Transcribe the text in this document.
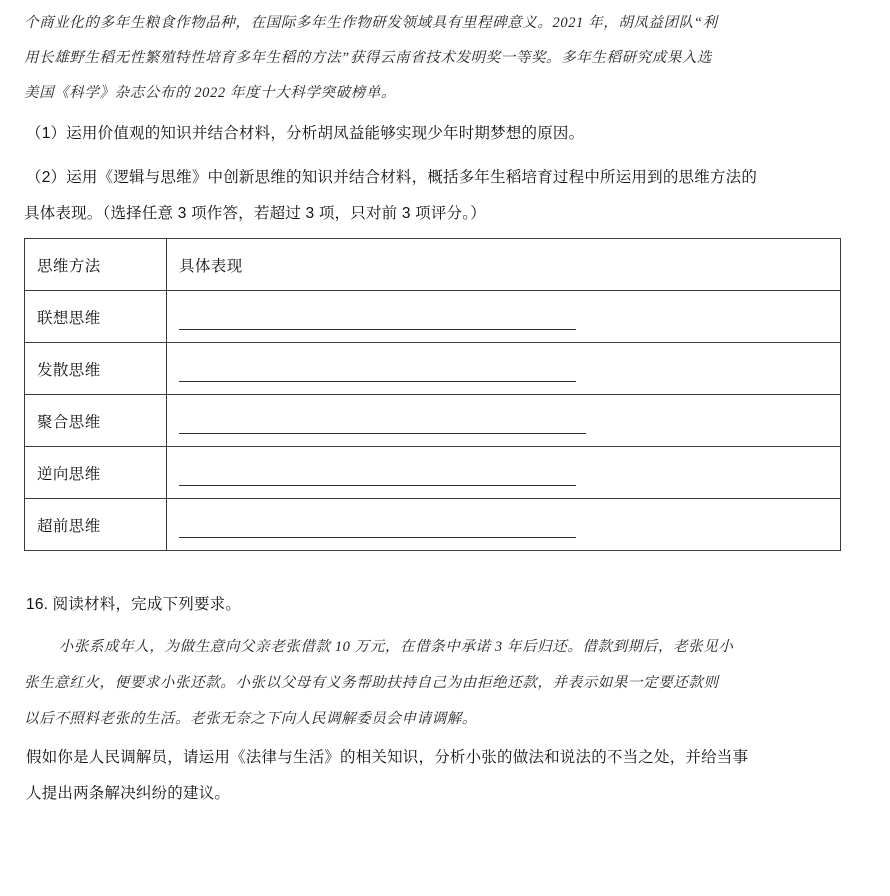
个商业化的多年生粮食作物品种，在国际多年生作物研发领域具有里程碑意义。2021 年，胡凤益团队“利
用长雄野生稻无性繁殖特性培育多年生稻的方法”获得云南省技术发明奖一等奖。多年生稻研究成果入选
美国《科学》杂志公布的 2022 年度十大科学突破榜单。
（1）运用价值观的知识并结合材料，分析胡凤益能够实现少年时期梦想的原因。
（2）运用《逻辑与思维》中创新思维的知识并结合材料，概括多年生稻培育过程中所运用到的思维方法的
具体表现。（选择任意 3 项作答，若超过 3 项，只对前 3 项评分。）
思维方法	具体表现
联想思维	

发散思维	

聚合思维	

逆向思维	

超前思维	
16. 阅读材料，完成下列要求。
小张系成年人，为做生意向父亲老张借款 10 万元，在借条中承诺 3 年后归还。借款到期后，老张见小
张生意红火，便要求小张还款。小张以父母有义务帮助扶持自己为由拒绝还款，并表示如果一定要还款则
以后不照料老张的生活。老张无奈之下向人民调解委员会申请调解。
假如你是人民调解员，请运用《法律与生活》的相关知识，分析小张的做法和说法的不当之处，并给当事
人提出两条解决纠纷的建议。
